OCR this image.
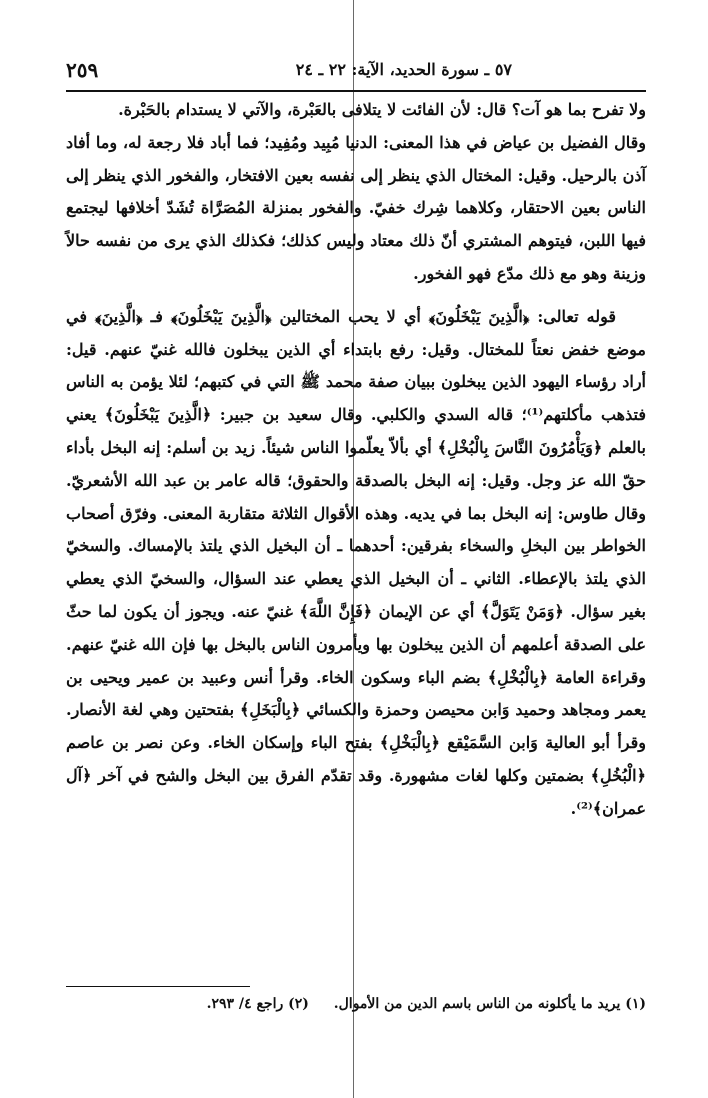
٢٥٩	٥٧ ـ سورة الحديد، الآية: ٢٢ ـ ٢٤

ولا تفرح بما هو آت؟ قال: لأن الفائت لا يتلافى بالعَبْرة، والآتي لا يستدام بالحَبْرة.

وقال الفضيل بن عياض في هذا المعنى: الدنيا مُبِيد ومُفِيد؛ فما أباد فلا رجعة له، وما أفاد آذن بالرحيل. وقيل: المختال الذي ينظر إلى نفسه بعين الافتخار، والفخور الذي ينظر إلى الناس بعين الاحتقار، وكلاهما شِرك خفيّ. والفخور بمنزلة المُصَرَّاة تُشَدّ أخلافها ليجتمع فيها اللبن، فيتوهم المشتري أنّ ذلك معتاد وليس كذلك؛ فكذلك الذي يرى من نفسه حالاً وزينة وهو مع ذلك مدّع فهو الفخور.

قوله تعالى: ﴿الَّذِينَ يَبْخَلُونَ﴾ أي لا يحب المختالين ﴿الَّذِينَ يَبْخَلُونَ﴾ فـ ﴿الَّذِينَ﴾ في موضع خفض نعتاً للمختال. وقيل: رفع بابتداء أي الذين يبخلون فالله غنيّ عنهم. قيل: أراد رؤساء اليهود الذين يبخلون ببيان صفة محمد ﷺ التي في كتبهم؛ لئلا يؤمن به الناس فتذهب مأكلتهم⁽¹⁾؛ قاله السدي والكلبي. وقال سعيد بن جبير: ﴿الَّذِينَ يَبْخَلُونَ﴾ يعني بالعلم ﴿وَيَأْمُرُونَ النَّاسَ بِالْبُخْلِ﴾ أي بألاّ يعلّموا الناس شيئاً. زيد بن أسلم: إنه البخل بأداء حقّ الله عز وجل. وقيل: إنه البخل بالصدقة والحقوق؛ قاله عامر بن عبد الله الأشعريّ. وقال طاوس: إنه البخل بما في يديه. وهذه الأقوال الثلاثة متقاربة المعنى. وفرّق أصحاب الخواطر بين البخلِ والسخاء بفرقين: أحدهما ـ أن البخيل الذي يلتذ بالإمساك. والسخيّ الذي يلتذ بالإعطاء. الثاني ـ أن البخيل الذي يعطي عند السؤال، والسخيّ الذي يعطي بغير سؤال. ﴿وَمَنْ يَتَوَلَّ﴾ أي عن الإيمان ﴿فَإِنَّ اللَّهَ﴾ غنيّ عنه. ويجوز أن يكون لما حثّ على الصدقة أعلمهم أن الذين يبخلون بها ويأمرون الناس بالبخل بها فإن الله غنيّ عنهم. وقراءة العامة ﴿بِالْبُخْلِ﴾ بضم الباء وسكون الخاء. وقرأ أنس وعبيد بن عمير ويحيى بن يعمر ومجاهد وحميد وَابن محيصن وحمزة والكسائي ﴿بِالْبَخَلِ﴾ بفتحتين وهي لغة الأنصار. وقرأ أبو العالية وَابن السَّمَيْقع ﴿بِالْبَخْلِ﴾ بفتح الباء وإسكان الخاء. وعن نصر بن عاصم ﴿الْبُخُلِ﴾ بضمتين وكلها لغات مشهورة. وقد تقدّم الفرق بين البخل والشح في آخر ﴿آل عمران﴾⁽²⁾.

(١) يريد ما يأكلونه من الناس باسم الدين من الأموال. (٢) راجع ٤/ ٢٩٣.
